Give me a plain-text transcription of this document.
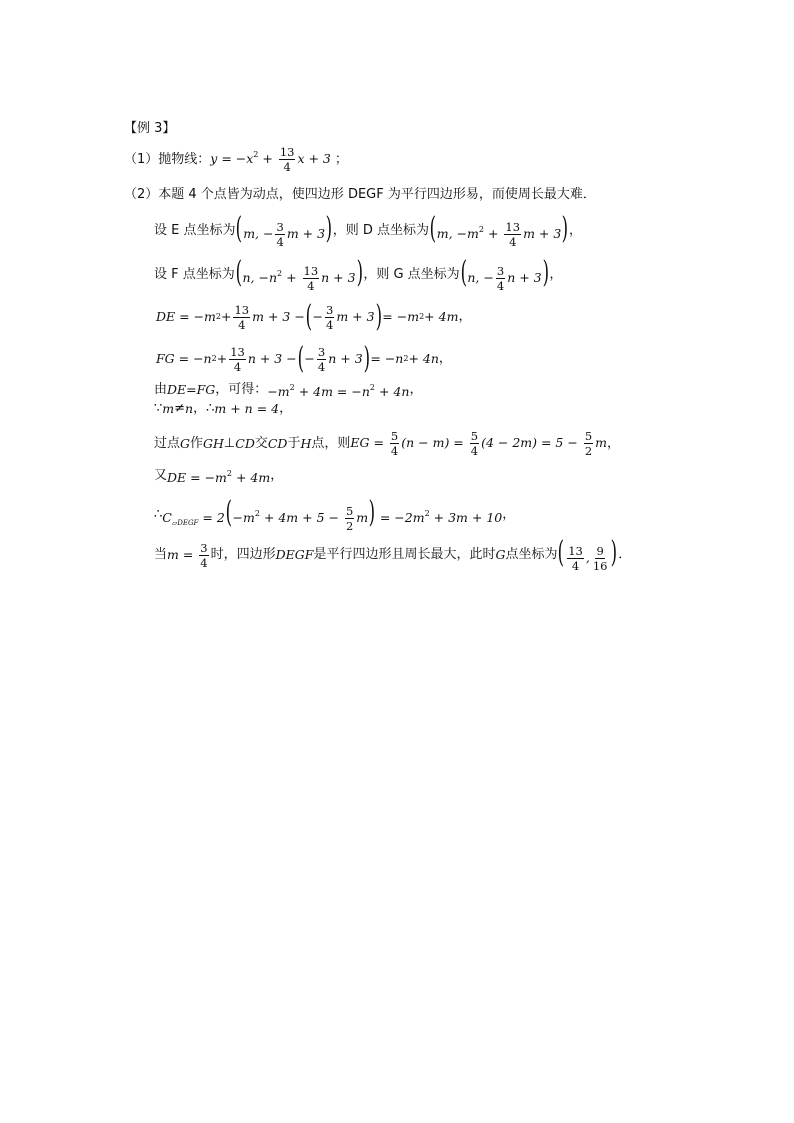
【例 3】
（1）抛物线： $y = -x^2 + \frac{13}{4}$ x + 3 ；
（2）本题 4 个点皆为动点，使四边形 DEGF 为平行四边形易，而使周长最大难．
设 E 点坐标为 (m, − $\frac{3}{4}$ m + 3) ，则 D 点坐标为 (m, $-m^2 + \frac{13}{4}$ m + 3) ，
设 F 点坐标为 (n, $-n^2 + \frac{13}{4}$ n + 3) ，则 G 点坐标为 (n, − $\frac{3}{4}$ n + 3) ，
DE = −m $2 + \frac{13}{4}$ m + 3 − ( − $\frac{3}{4}$ m + 3 ) = −m 2 + 4m ，
FG = −n $2 + \frac{13}{4}$ n + 3 − ( − $\frac{3}{4}$ n + 3 ) = −n 2 + 4n ，
由 DE=FG ，可得： $-m^2 + 4m = -n^2 + 4n$ ，
∵ m ≠ n ，∴ m + n = 4 ，
过点 G 作 GH ⊥ CD 交 CD 于 H 点，则 EG = $\frac{5}{4} (n - m) = \frac{5}{4} (4 - 2m) = 5 - \frac{5}{2}$ m ，
又 DE = $-m^2 + 4m$ ，
∴ $C_{▱DEGF} = 2(-m^2 + 4m + 5 - \frac{5}{2} m) = -2m^2 + 3m + 10$ ，
当 $m = \frac{3}{4}$ 时，四边形 DEGF 是平行四边形且周长最大，此时 G 点坐标为 ( $\frac{13}{4}$ , $\frac{9}{16}$ ) ．
